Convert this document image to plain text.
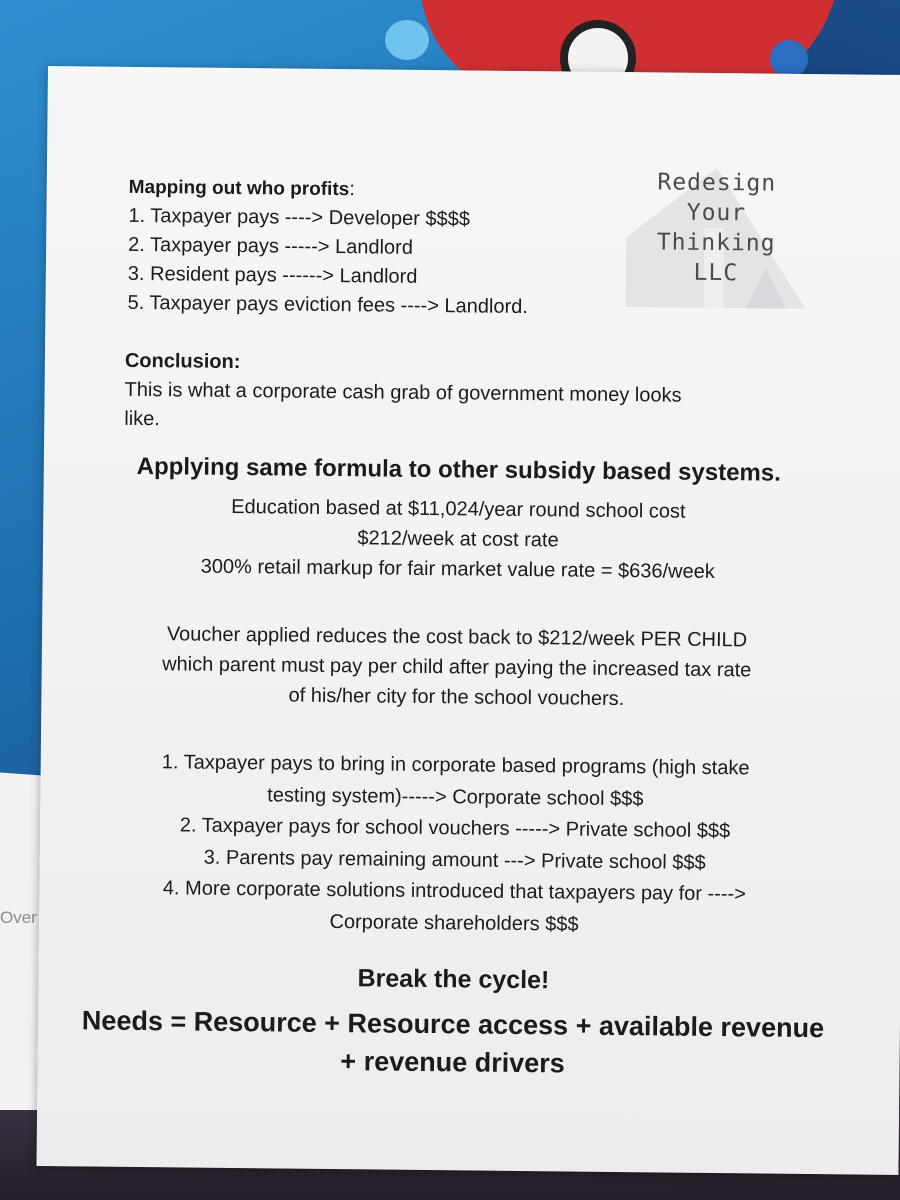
Over
Redesign
Your
Thinking
LLC
Mapping out who profits:
1. Taxpayer pays ----> Developer $$$$
2. Taxpayer pays -----> Landlord
3. Resident pays ------> Landlord
5. Taxpayer pays eviction fees ----> Landlord.
Conclusion:
This is what a corporate cash grab of government money looks
like.
Applying same formula to other subsidy based systems.
Education based at $11,024/year round school cost
$212/week at cost rate
300% retail markup for fair market value rate = $636/week
Voucher applied reduces the cost back to $212/week PER CHILD
which parent must pay per child after paying the increased tax rate
of his/her city for the school vouchers.
1. Taxpayer pays to bring in corporate based programs (high stake
testing system)-----> Corporate school $$$
2. Taxpayer pays for school vouchers -----> Private school $$$
3. Parents pay remaining amount ---> Private school $$$
4. More corporate solutions introduced that taxpayers pay for ---->
Corporate shareholders $$$
Break the cycle!
Needs = Resource + Resource access + available revenue
+ revenue drivers
